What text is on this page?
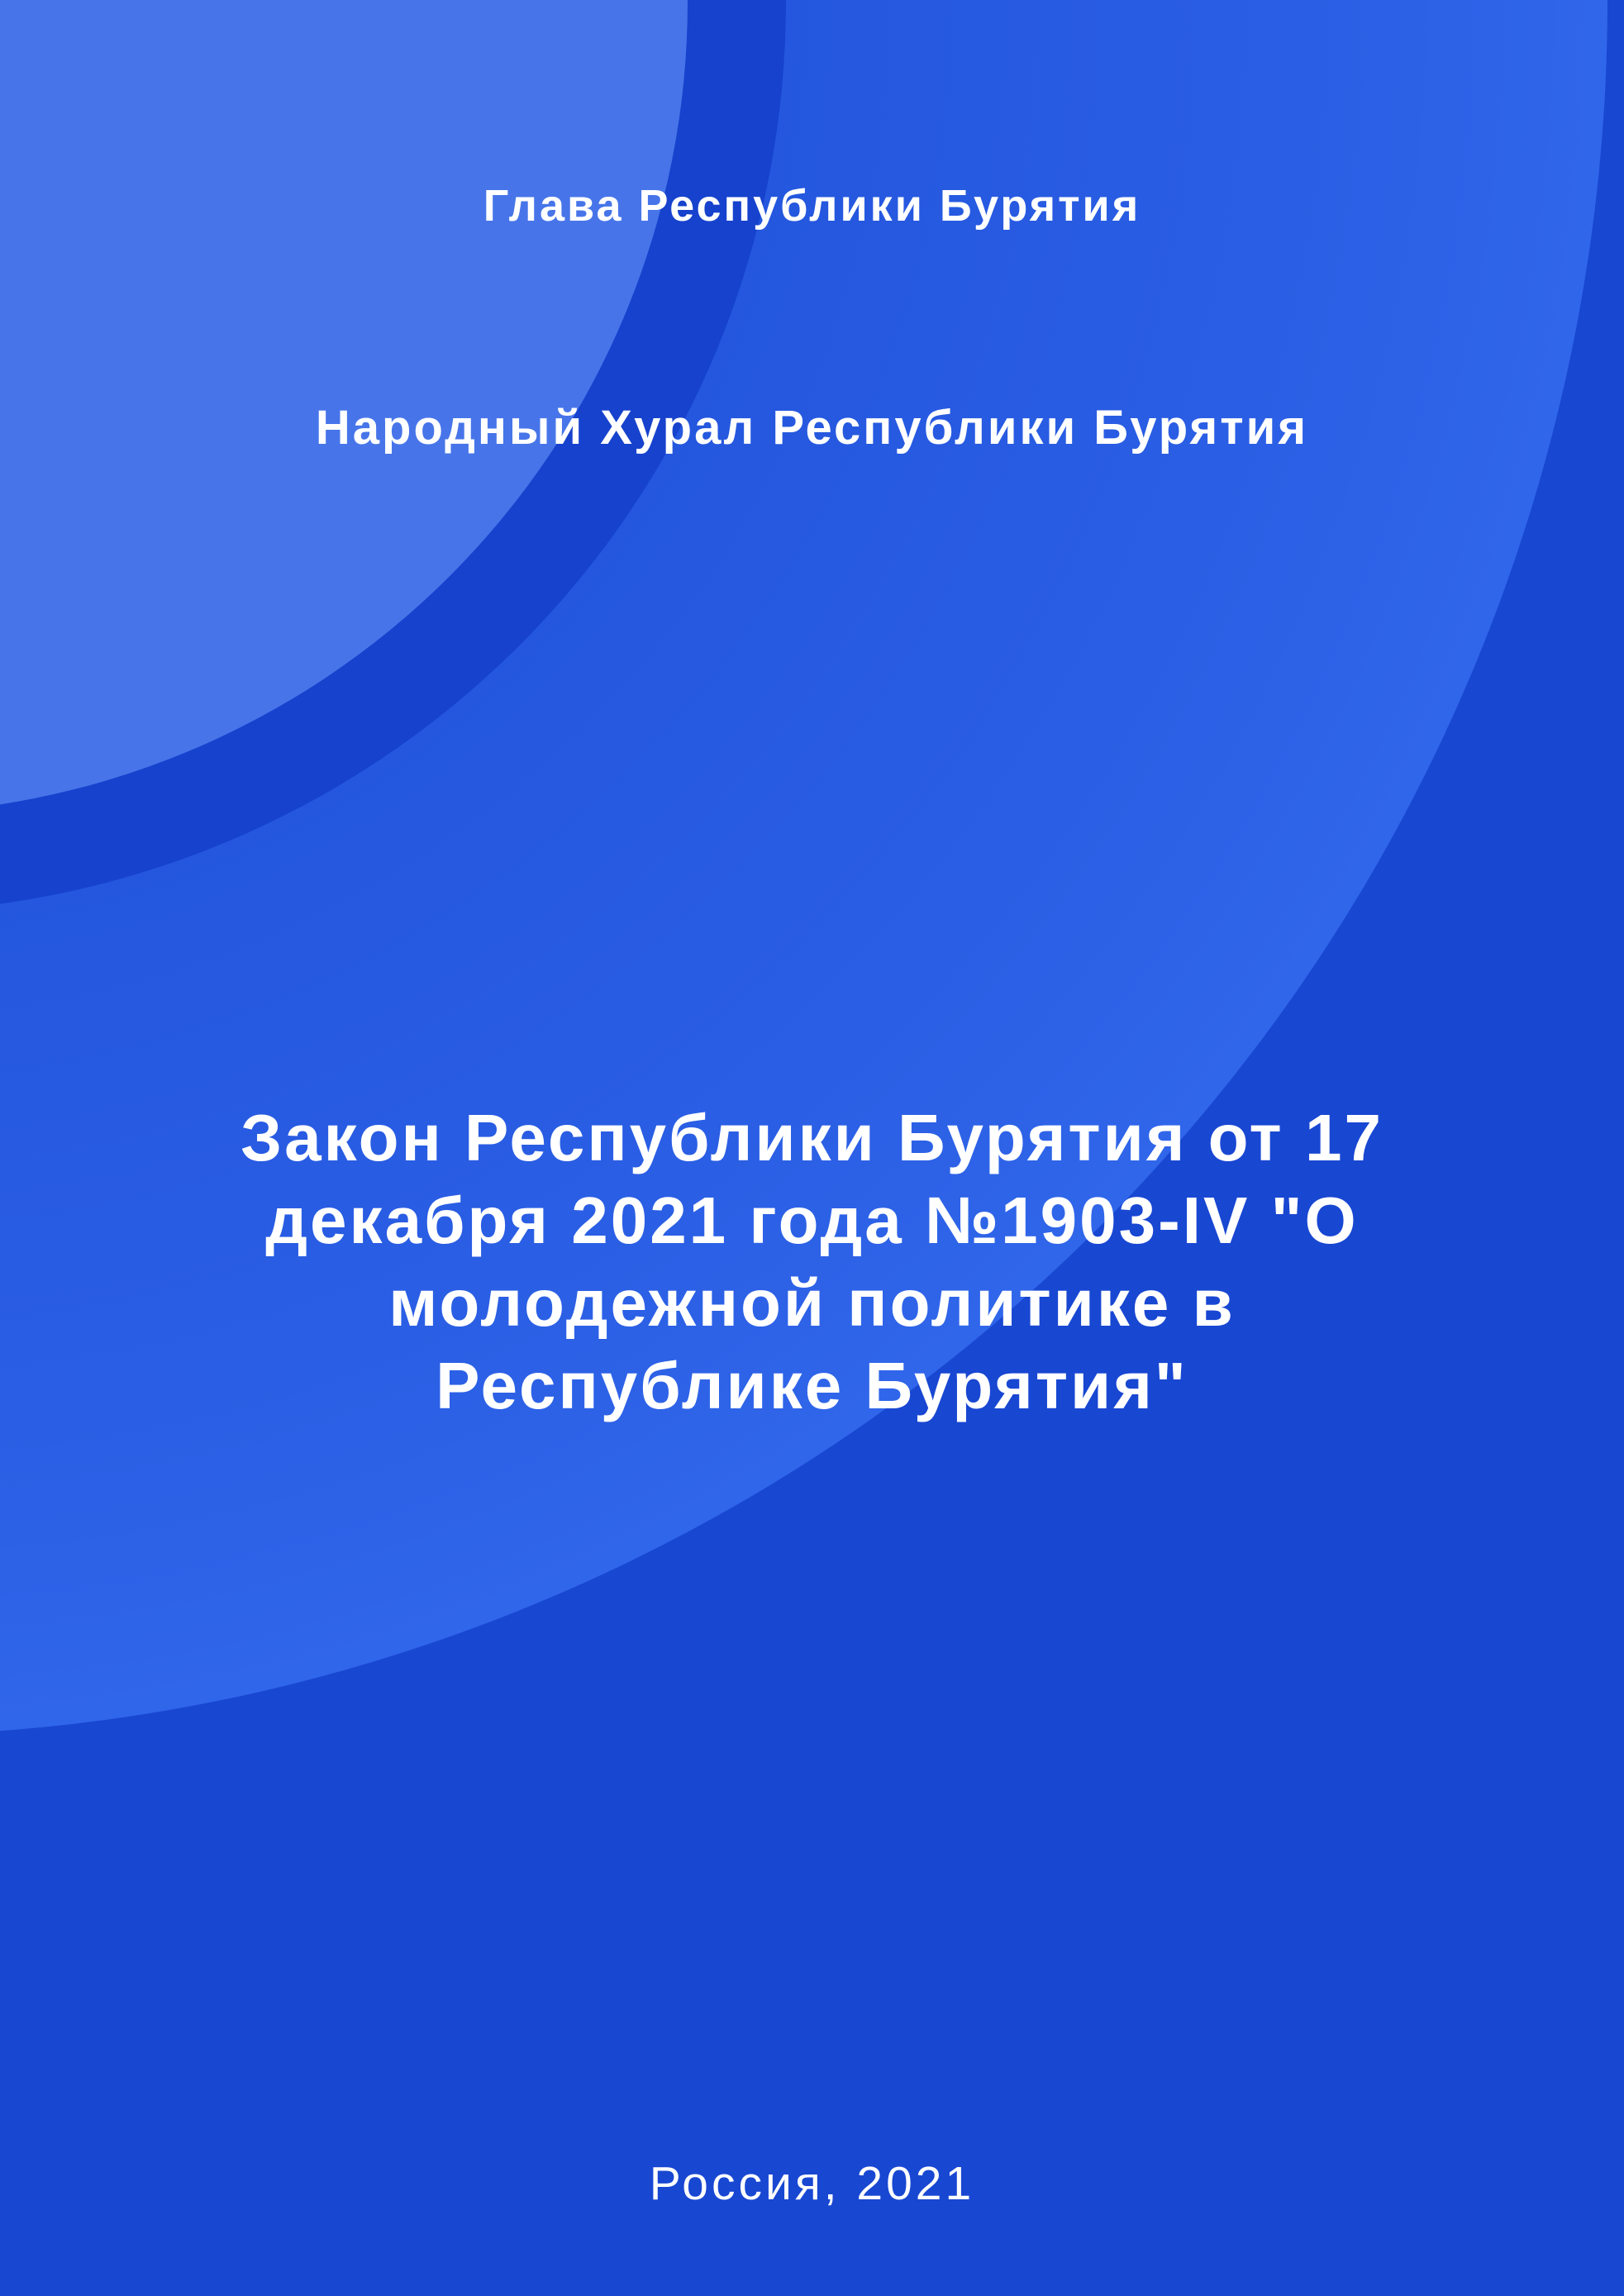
Глава Республики Бурятия
Народный Хурал Республики Бурятия
Закон Республики Бурятия от 17
декабря 2021 года №1903-IV "О
молодежной политике в
Республике Бурятия"
Россия, 2021
